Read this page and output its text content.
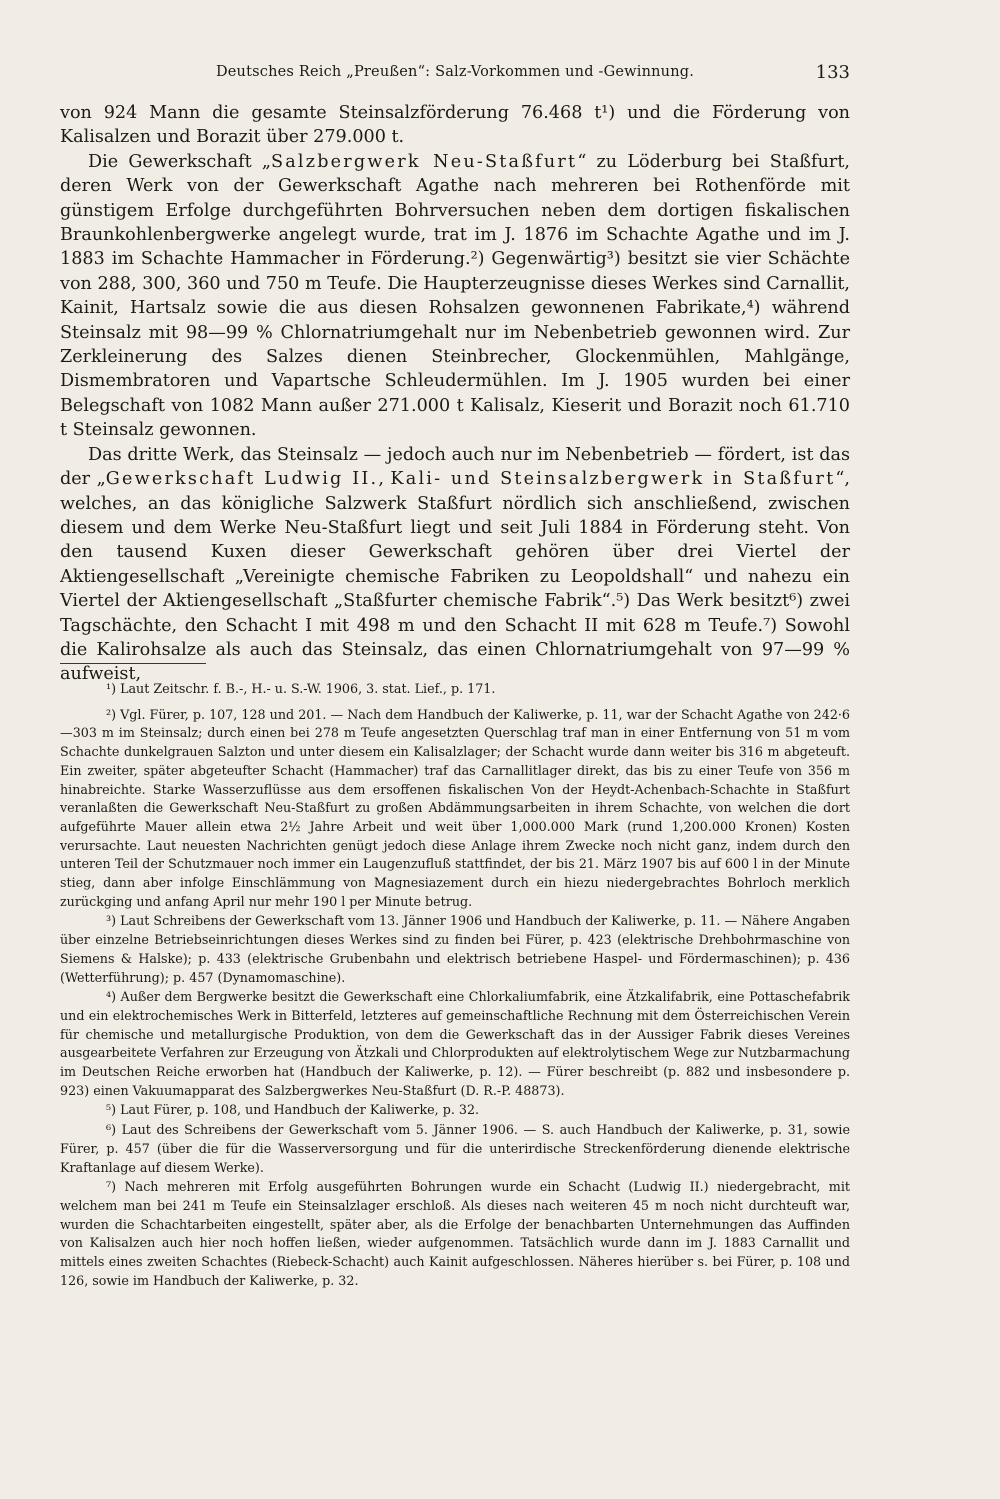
Deutsches Reich „Preußen“: Salz-Vorkommen und -Gewinnung.	133

von 924 Mann die gesamte Steinsalzförderung 76.468 t¹) und die Förderung von Kalisalzen und Borazit über 279.000 t.

Die Gewerkschaft „Salzbergwerk Neu-Staßfurt“ zu Löderburg bei Staßfurt, deren Werk von der Gewerkschaft Agathe nach mehreren bei Rothenförde mit günstigem Erfolge durchgeführten Bohrversuchen neben dem dortigen fiskalischen Braunkohlenbergwerke angelegt wurde, trat im J. 1876 im Schachte Agathe und im J. 1883 im Schachte Hammacher in Förderung.²) Gegenwärtig³) besitzt sie vier Schächte von 288, 300, 360 und 750 m Teufe. Die Haupterzeugnisse dieses Werkes sind Carnallit, Kainit, Hartsalz sowie die aus diesen Rohsalzen gewonnenen Fabrikate,⁴) während Steinsalz mit 98—99 % Chlornatriumgehalt nur im Nebenbetrieb gewonnen wird. Zur Zerkleinerung des Salzes dienen Steinbrecher, Glockenmühlen, Mahlgänge, Dismembratoren und Vapartsche Schleudermühlen. Im J. 1905 wurden bei einer Belegschaft von 1082 Mann außer 271.000 t Kalisalz, Kieserit und Borazit noch 61.710 t Steinsalz gewonnen.

Das dritte Werk, das Steinsalz — jedoch auch nur im Nebenbetrieb — fördert, ist das der „Gewerkschaft Ludwig II., Kali- und Steinsalzbergwerk in Staßfurt“, welches, an das königliche Salzwerk Staßfurt nördlich sich anschließend, zwischen diesem und dem Werke Neu-Staßfurt liegt und seit Juli 1884 in Förderung steht. Von den tausend Kuxen dieser Gewerkschaft gehören über drei Viertel der Aktiengesellschaft „Vereinigte chemische Fabriken zu Leopoldshall“ und nahezu ein Viertel der Aktiengesellschaft „Staßfurter chemische Fabrik“.⁵) Das Werk besitzt⁶) zwei Tagschächte, den Schacht I mit 498 m und den Schacht II mit 628 m Teufe.⁷) Sowohl die Kalirohsalze als auch das Steinsalz, das einen Chlornatriumgehalt von 97—99 % aufweist,

¹) Laut Zeitschr. f. B.-, H.- u. S.-W. 1906, 3. stat. Lief., p. 171.

²) Vgl. Fürer, p. 107, 128 und 201. — Nach dem Handbuch der Kaliwerke, p. 11, war der Schacht Agathe von 242·6—303 m im Steinsalz; durch einen bei 278 m Teufe angesetzten Querschlag traf man in einer Entfernung von 51 m vom Schachte dunkelgrauen Salzton und unter diesem ein Kalisalzlager; der Schacht wurde dann weiter bis 316 m abgeteuft. Ein zweiter, später abgeteufter Schacht (Hammacher) traf das Carnallitlager direkt, das bis zu einer Teufe von 356 m hinabreichte. Starke Wasserzuflüsse aus dem ersoffenen fiskalischen Von der Heydt-Achenbach-Schachte in Staßfurt veranlaßten die Gewerkschaft Neu-Staßfurt zu großen Abdämmungsarbeiten in ihrem Schachte, von welchen die dort aufgeführte Mauer allein etwa 2½ Jahre Arbeit und weit über 1,000.000 Mark (rund 1,200.000 Kronen) Kosten verursachte. Laut neuesten Nachrichten genügt jedoch diese Anlage ihrem Zwecke noch nicht ganz, indem durch den unteren Teil der Schutzmauer noch immer ein Laugenzufluß stattfindet, der bis 21. März 1907 bis auf 600 l in der Minute stieg, dann aber infolge Einschlämmung von Magnesiazement durch ein hiezu niedergebrachtes Bohrloch merklich zurückging und anfang April nur mehr 190 l per Minute betrug.

³) Laut Schreibens der Gewerkschaft vom 13. Jänner 1906 und Handbuch der Kaliwerke, p. 11. — Nähere Angaben über einzelne Betriebseinrichtungen dieses Werkes sind zu finden bei Fürer, p. 423 (elektrische Drehbohrmaschine von Siemens & Halske); p. 433 (elektrische Grubenbahn und elektrisch betriebene Haspel- und Fördermaschinen); p. 436 (Wetterführung); p. 457 (Dynamomaschine).

⁴) Außer dem Bergwerke besitzt die Gewerkschaft eine Chlorkaliumfabrik, eine Ätzkalifabrik, eine Pottaschefabrik und ein elektrochemisches Werk in Bitterfeld, letzteres auf gemeinschaftliche Rechnung mit dem Österreichischen Verein für chemische und metallurgische Produktion, von dem die Gewerkschaft das in der Aussiger Fabrik dieses Vereines ausgearbeitete Verfahren zur Erzeugung von Ätzkali und Chlorprodukten auf elektrolytischem Wege zur Nutzbarmachung im Deutschen Reiche erworben hat (Handbuch der Kaliwerke, p. 12). — Fürer beschreibt (p. 882 und insbesondere p. 923) einen Vakuumapparat des Salzbergwerkes Neu-Staßfurt (D. R.-P. 48873).

⁵) Laut Fürer, p. 108, und Handbuch der Kaliwerke, p. 32.

⁶) Laut des Schreibens der Gewerkschaft vom 5. Jänner 1906. — S. auch Handbuch der Kaliwerke, p. 31, sowie Fürer, p. 457 (über die für die Wasserversorgung und für die unterirdische Streckenförderung dienende elektrische Kraftanlage auf diesem Werke).

⁷) Nach mehreren mit Erfolg ausgeführten Bohrungen wurde ein Schacht (Ludwig II.) niedergebracht, mit welchem man bei 241 m Teufe ein Steinsalzlager erschloß. Als dieses nach weiteren 45 m noch nicht durchteuft war, wurden die Schachtarbeiten eingestellt, später aber, als die Erfolge der benachbarten Unternehmungen das Auffinden von Kalisalzen auch hier noch hoffen ließen, wieder aufgenommen. Tatsächlich wurde dann im J. 1883 Carnallit und mittels eines zweiten Schachtes (Riebeck-Schacht) auch Kainit aufgeschlossen. Näheres hierüber s. bei Fürer, p. 108 und 126, sowie im Handbuch der Kaliwerke, p. 32.
